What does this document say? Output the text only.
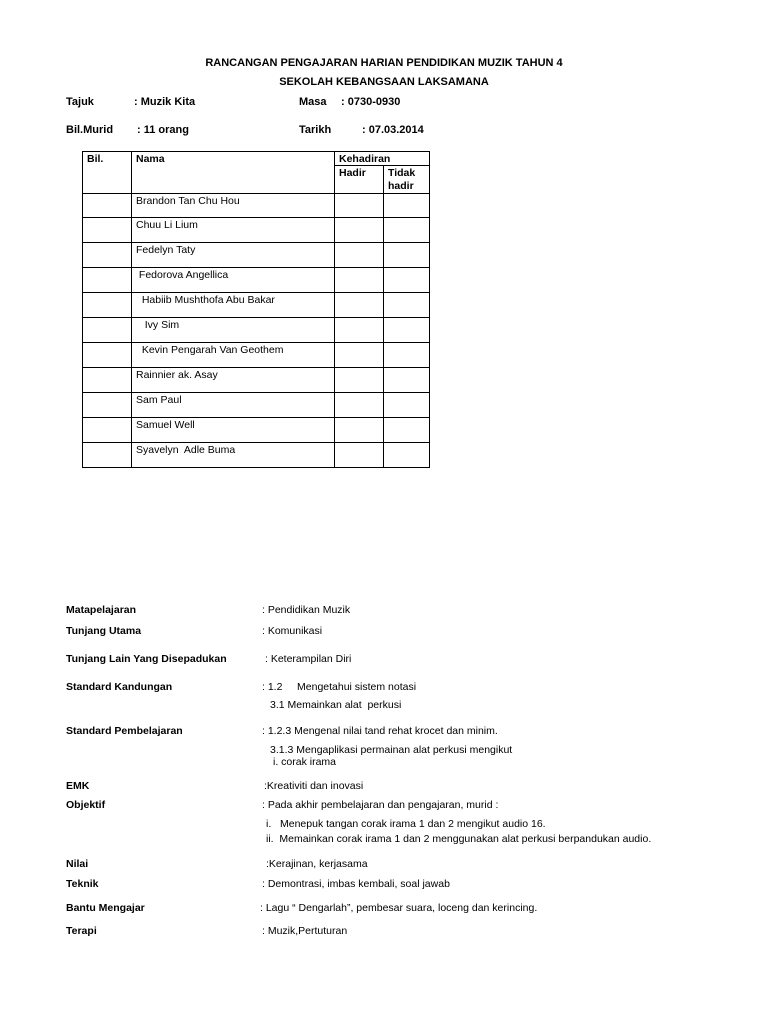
RANCANGAN PENGAJARAN HARIAN PENDIDIKAN MUZIK TAHUN 4
SEKOLAH KEBANGSAAN LAKSAMANA
Tajuk	: Muzik Kita	Masa : 0730-0930
Bil.Murid : 11 orang	Tarikh	: 07.03.2014
Bil.	Nama	Kehadiran	
		Hadir	Tidak
hadir
	Brandon Tan Chu Hou		
	Chuu Li Lium		
	Fedelyn Taty		
	Fedorova Angellica		
	Habiib Mushthofa Abu Bakar		
	Ivy Sim		
	Kevin Pengarah Van Geothem		
	Rainnier ak. Asay		
	Sam Paul		
	Samuel Well		
	Syavelyn  Adle Buma		
Matapelajaran	: Pendidikan Muzik
Tunjang Utama	: Komunikasi
Tunjang Lain Yang Disepadukan	: Keterampilan Diri
Standard Kandungan	: 1.2     Mengetahui sistem notasi
3.1 Memainkan alat  perkusi
Standard Pembelajaran	: 1.2.3 Mengenal nilai tand rehat krocet dan minim.
3.1.3 Mengaplikasi permainan alat perkusi mengikut
i. corak irama
EMK	:Kreativiti dan inovasi
Objektif	: Pada akhir pembelajaran dan pengajaran, murid :
i.   Menepuk tangan corak irama 1 dan 2 mengikut audio 16.
ii.  Memainkan corak irama 1 dan 2 menggunakan alat perkusi berpandukan audio.
Nilai	:Kerajinan, kerjasama
Teknik	: Demontrasi, imbas kembali, soal jawab
Bantu Mengajar	: Lagu “ Dengarlah”, pembesar suara, loceng dan kerincing.
Terapi	: Muzik,Pertuturan
